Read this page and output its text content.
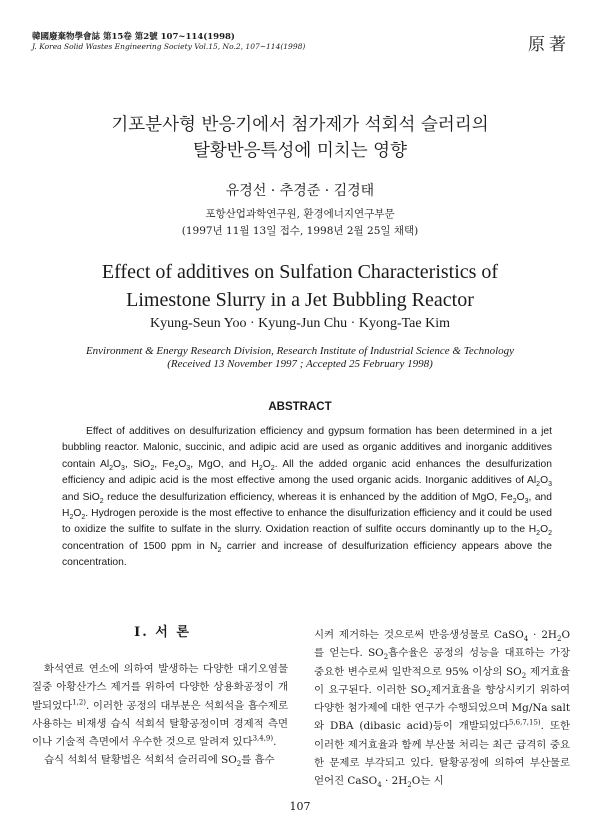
韓國廢棄物學會誌 第15卷 第2號 107~114(1998)
J. Korea Solid Wastes Engineering Society Vol.15, No.2, 107~114(1998)	原著
기포분사형 반응기에서 첨가제가 석회석 슬러리의
탈황반응특성에 미치는 영향
유경선 · 추경준 · 김경태
포항산업과학연구원, 환경에너지연구부문
(1997년 11월 13일 접수, 1998년 2월 25일 채택)
Effect of additives on Sulfation Characteristics of
Limestone Slurry in a Jet Bubbling Reactor
Kyung-Seun Yoo · Kyung-Jun Chu · Kyong-Tae Kim
Environment & Energy Research Division, Research Institute of Industrial Science & Technology
(Received 13 November 1997 ; Accepted 25 February 1998)
ABSTRACT
Effect of additives on desulfurization efficiency and gypsum formation has been determined in a jet bubbling reactor. Malonic, succinic, and adipic acid are used as organic additives and inorganic additives contain $Al_2O_3$, SiO$_2$, $Fe_2O_3$, MgO, and $H_2O_2$. All the added organic acid enhances the desulfurization efficiency and adipic acid is the most effective among the used organic acids. Inorganic additives of $Al_2O_3$ and SiO$_2$ reduce the desulfurization efficiency, whereas it is enhanced by the addition of MgO, $Fe_2O_3$, and $H_2O_2$. Hydrogen peroxide is the most effective to enhance the disulfurization efficiency and it could be used to oxidize the sulfite to sulfate in the slurry. Oxidation reaction of sulfite occurs dominantly up to the $H_2O_2$ concentration of 1500 ppm in $N_2$ carrier and increase of desulfurization efficiency appears above the concentration.
I. 서 론

화석연료 연소에 의하여 발생하는 다양한 대기오염물질중 아황산가스 제거를 위하여 다양한 상용화공정이 개발되었다$^{1,2)}$. 이러한 공정의 대부분은 석회석을 흡수제로 사용하는 비재생 습식 석회석 탈황공정이며 경제적 측면이나 기술적 측면에서 우수한 것으로 알려져 있다$^{3,4,9)}$.

습식 석회석 탈황법은 석회석 슬러리에 $SO_2$를 흡수

시켜 제거하는 것으로써 반응생성물로 CaSO$_4$ · $2H_2O$를 얻는다. $SO_2$흡수율은 공정의 성능을 대표하는 가장 중요한 변수로써 일반적으로 95% 이상의 $SO_2$ 제거효율이 요구된다. 이러한 $SO_2$제거효율을 향상시키기 위하여 다양한 첨가제에 대한 연구가 수행되었으며 Mg/Na salt와 DBA (dibasic acid)등이 개발되었다$^{5,6,7,15)}$. 또한 이러한 제거효율과 함께 부산물 처리는 최근 급격히 중요한 문제로 부각되고 있다. 탈황공정에 의하여 부산물로 얻어진 CaSO$_4$ · $2H_2O$는 시

107
